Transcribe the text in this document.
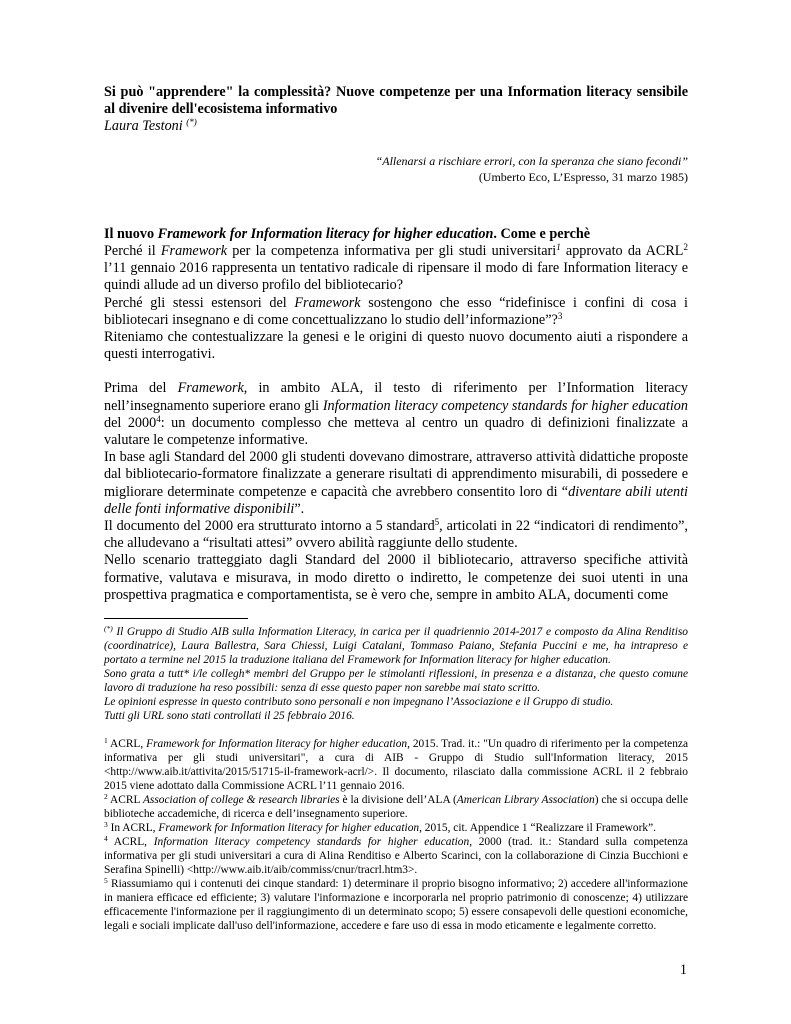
Si può "apprendere" la complessità? Nuove competenze per una Information literacy sensibile al divenire dell'ecosistema informativo

Laura Testoni (*)

“Allenarsi a rischiare errori, con la speranza che siano fecondi”
(Umberto Eco, L’Espresso, 31 marzo 1985)
Il nuovo Framework for Information literacy for higher education. Come e perchè

Perché il Framework per la competenza informativa per gli studi universitari$^1$ approvato da ACRL$^2$ l’11 gennaio 2016 rappresenta un tentativo radicale di ripensare il modo di fare Information literacy e quindi allude ad un diverso profilo del bibliotecario?

Perché gli stessi estensori del Framework sostengono che esso “ridefinisce i confini di cosa i bibliotecari insegnano e di come concettualizzano lo studio dell’informazione”?$^3$

Riteniamo che contestualizzare la genesi e le origini di questo nuovo documento aiuti a rispondere a questi interrogativi.

Prima del Framework, in ambito ALA, il testo di riferimento per l’Information literacy nell’insegnamento superiore erano gli Information literacy competency standards for higher education del 2000$^4$: un documento complesso che metteva al centro un quadro di definizioni finalizzate a valutare le competenze informative.

In base agli Standard del 2000 gli studenti dovevano dimostrare, attraverso attività didattiche proposte dal bibliotecario-formatore finalizzate a generare risultati di apprendimento misurabili, di possedere e migliorare determinate competenze e capacità che avrebbero consentito loro di “diventare abili utenti delle fonti informative disponibili”.

Il documento del 2000 era strutturato intorno a 5 standard$^5$, articolati in 22 “indicatori di rendimento”, che alludevano a “risultati attesi” ovvero abilità raggiunte dello studente.

Nello scenario tratteggiato dagli Standard del 2000 il bibliotecario, attraverso specifiche attività formative, valutava e misurava, in modo diretto o indiretto, le competenze dei suoi utenti in una prospettiva pragmatica e comportamentista, se è vero che, sempre in ambito ALA, documenti come

(*) Il Gruppo di Studio AIB sulla Information Literacy, in carica per il quadriennio 2014-2017 e composto da Alina Renditiso (coordinatrice), Laura Ballestra, Sara Chiessi, Luigi Catalani, Tommaso Paiano, Stefania Puccini e me, ha intrapreso e portato a termine nel 2015 la traduzione italiana del Framework for Information literacy for higher education.

Sono grata a tutt* i/le collegh* membri del Gruppo per le stimolanti riflessioni, in presenza e a distanza, che questo comune lavoro di traduzione ha reso possibili: senza di esse questo paper non sarebbe mai stato scritto.

Le opinioni espresse in questo contributo sono personali e non impegnano l’Associazione e il Gruppo di studio.

Tutti gli URL sono stati controllati il 25 febbraio 2016.

$^1$ ACRL, Framework for Information literacy for higher education, 2015. Trad. it.: "Un quadro di riferimento per la competenza informativa per gli studi universitari", a cura di AIB - Gruppo di Studio sull'Information literacy, 2015 <http://www.aib.it/attivita/2015/51715-il-framework-acrl/>. Il documento, rilasciato dalla commissione ACRL il 2 febbraio 2015 viene adottato dalla Commissione ACRL l’11 gennaio 2016.

$^2$ ACRL Association of college & research libraries è la divisione dell’ALA (American Library Association) che si occupa delle biblioteche accademiche, di ricerca e dell’insegnamento superiore.

$^3$ In ACRL, Framework for Information literacy for higher education, 2015, cit. Appendice 1 “Realizzare il Framework”.

$^4$ ACRL, Information literacy competency standards for higher education, 2000 (trad. it.: Standard sulla competenza informativa per gli studi universitari a cura di Alina Renditiso e Alberto Scarinci, con la collaborazione di Cinzia Bucchioni e Serafina Spinelli) <http://www.aib.it/aib/commiss/cnur/tracrl.htm3>.

$^5$ Riassumiamo qui i contenuti dei cinque standard: 1) determinare il proprio bisogno informativo; 2) accedere all'informazione in maniera efficace ed efficiente; 3) valutare l'informazione e incorporarla nel proprio patrimonio di conoscenze; 4) utilizzare efficacemente l'informazione per il raggiungimento di un determinato scopo; 5) essere consapevoli delle questioni economiche, legali e sociali implicate dall'uso dell'informazione, accedere e fare uso di essa in modo eticamente e legalmente corretto.

1
